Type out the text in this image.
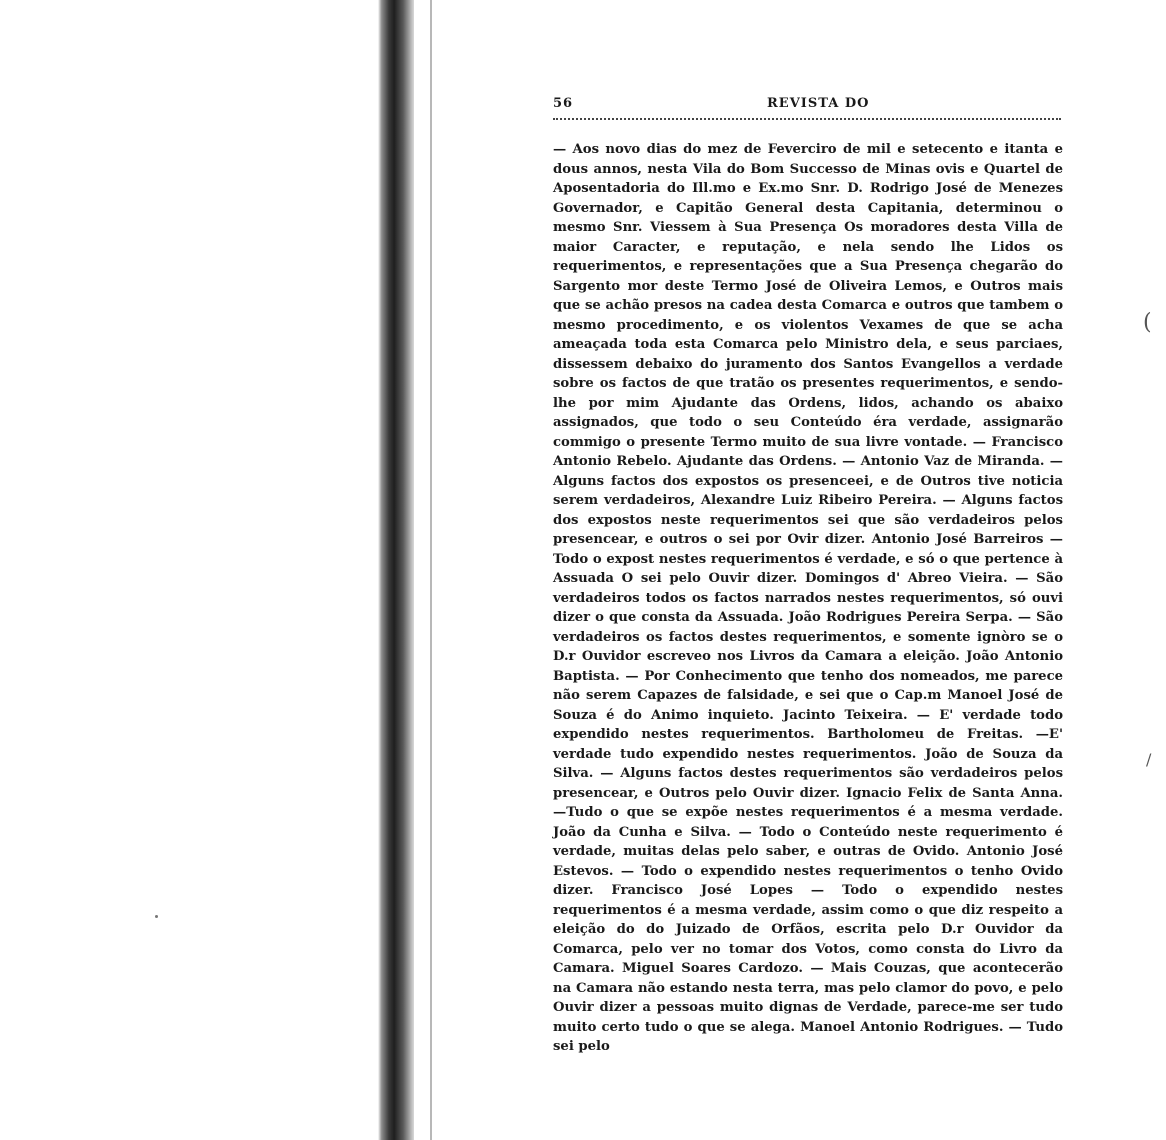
56	REVISTA DO
— Aos novo dias do mez de Feverciro de mil e setecento e itanta e dous annos, nesta Vila do Bom Successo de Minas ovis e Quartel de Aposentadoria do Ill.mo e Ex.mo Snr. D. Rodrigo José de Menezes Governador, e Capitão General desta Capitania, determinou o mesmo Snr. Viessem à Sua Presença Os moradores desta Villa de maior Caracter, e reputação, e nela sendo lhe Lidos os requerimentos, e representações que a Sua Presença chegarão do Sargento mor deste Termo José de Oliveira Lemos, e Outros mais que se achão presos na cadea desta Comarca e outros que tambem o mesmo procedimento, e os violentos Vexames de que se acha ameaçada toda esta Comarca pelo Ministro dela, e seus parciaes, dissessem debaixo do juramento dos Santos Evangellos a verdade sobre os factos de que tratão os presentes requerimentos, e sendo-lhe por mim Ajudante das Ordens, lidos, achando os abaixo assignados, que todo o seu Conteúdo éra verdade, assignarão commigo o presente Termo muito de sua livre vontade. — Francisco Antonio Rebelo. Ajudante das Ordens. — Antonio Vaz de Miranda. — Alguns factos dos expostos os presenceei, e de Outros tive noticia serem verdadeiros, Alexandre Luiz Ribeiro Pereira. — Alguns factos dos expostos neste requerimentos sei que são verdadeiros pelos presencear, e outros o sei por Ovir dizer. Antonio José Barreiros — Todo o expost nestes requerimentos é verdade, e só o que pertence à Assuada O sei pelo Ouvir dizer. Domingos d' Abreo Vieira. — São verdadeiros todos os factos narrados nestes requerimentos, só ouvi dizer o que consta da Assuada. João Rodrigues Pereira Serpa. — São verdadeiros os factos destes requerimentos, e somente ignòro se o D.r Ouvidor escreveo nos Livros da Camara a eleição. João Antonio Baptista. — Por Conhecimento que tenho dos nomeados, me parece não serem Capazes de falsidade, e sei que o Cap.m Manoel José de Souza é do Animo inquieto. Jacinto Teixeira. — E' verdade todo expendido nestes requerimentos. Bartholomeu de Freitas. —E' verdade tudo expendido nestes requerimentos. João de Souza da Silva. — Alguns factos destes requerimentos são verdadeiros pelos presencear, e Outros pelo Ouvir dizer. Ignacio Felix de Santa Anna. —Tudo o que se expõe nestes requerimentos é a mesma verdade. João da Cunha e Silva. — Todo o Conteúdo neste requerimento é verdade, muitas delas pelo saber, e outras de Ovido. Antonio José Estevos. — Todo o expendido nestes requerimentos o tenho Ovido dizer. Francisco José Lopes — Todo o expendido nestes requerimentos é a mesma verdade, assim como o que diz respeito a eleição do do Juizado de Orfãos, escrita pelo D.r Ouvidor da Comarca, pelo ver no tomar dos Votos, como consta do Livro da Camara. Miguel Soares Cardozo. — Mais Couzas, que acontecerão na Camara não estando nesta terra, mas pelo clamor do povo, e pelo Ouvir dizer a pessoas muito dignas de Verdade, parece-me ser tudo muito certo tudo o que se alega. Manoel Antonio Rodrigues. — Tudo sei pelo
(
/
